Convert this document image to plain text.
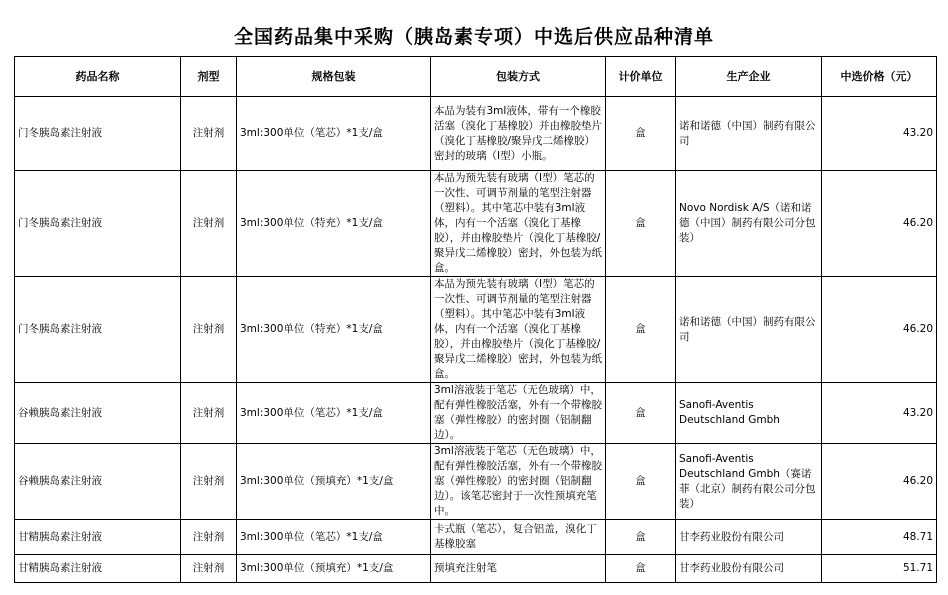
全国药品集中采购（胰岛素专项）中选后供应品种清单
药品名称	剂型	规格包装	包装方式	计价单位	生产企业	中选价格（元）
门冬胰岛素注射液	注射剂	3ml:300单位（笔芯）*1支/盒	本品为装有3ml液体，带有一个橡胶活塞（溴化丁基橡胶）并由橡胶垫片（溴化丁基橡胶/聚异戊二烯橡胶）密封的玻璃（Ⅰ型）小瓶。	盒	诺和诺德（中国）制药有限公司	43.20
门冬胰岛素注射液	注射剂	3ml:300单位（特充）*1支/盒	本品为预先装有玻璃（Ⅰ型）笔芯的一次性、可调节剂量的笔型注射器（塑料）。其中笔芯中装有3ml液体，内有一个活塞（溴化丁基橡胶），并由橡胶垫片（溴化丁基橡胶/聚异戊二烯橡胶）密封，外包装为纸盒。	盒	Novo Nordisk A/S（诺和诺德（中国）制药有限公司分包装）	46.20
门冬胰岛素注射液	注射剂	3ml:300单位（特充）*1支/盒	本品为预先装有玻璃（Ⅰ型）笔芯的一次性、可调节剂量的笔型注射器（塑料）。其中笔芯中装有3ml液体，内有一个活塞（溴化丁基橡胶），并由橡胶垫片（溴化丁基橡胶/聚异戊二烯橡胶）密封，外包装为纸盒。	盒	诺和诺德（中国）制药有限公司	46.20
谷赖胰岛素注射液	注射剂	3ml:300单位（笔芯）*1支/盒	3ml溶液装于笔芯（无色玻璃）中，配有弹性橡胶活塞，外有一个带橡胶塞（弹性橡胶）的密封圈（铝制翻边）。	盒	Sanofi-Aventis Deutschland Gmbh	43.20
谷赖胰岛素注射液	注射剂	3ml:300单位（预填充）*1支/盒	3ml溶液装于笔芯（无色玻璃）中，配有弹性橡胶活塞，外有一个带橡胶塞（弹性橡胶）的密封圈（铝制翻边）。该笔芯密封于一次性预填充笔中。	盒	Sanofi-Aventis Deutschland Gmbh（赛诺菲（北京）制药有限公司分包装）	46.20
甘精胰岛素注射液	注射剂	3ml:300单位（笔芯）*1支/盒	卡式瓶（笔芯），复合铝盖，溴化丁基橡胶塞	盒	甘李药业股份有限公司	48.71
甘精胰岛素注射液	注射剂	3ml:300单位（预填充）*1支/盒	预填充注射笔	盒	甘李药业股份有限公司	51.71
